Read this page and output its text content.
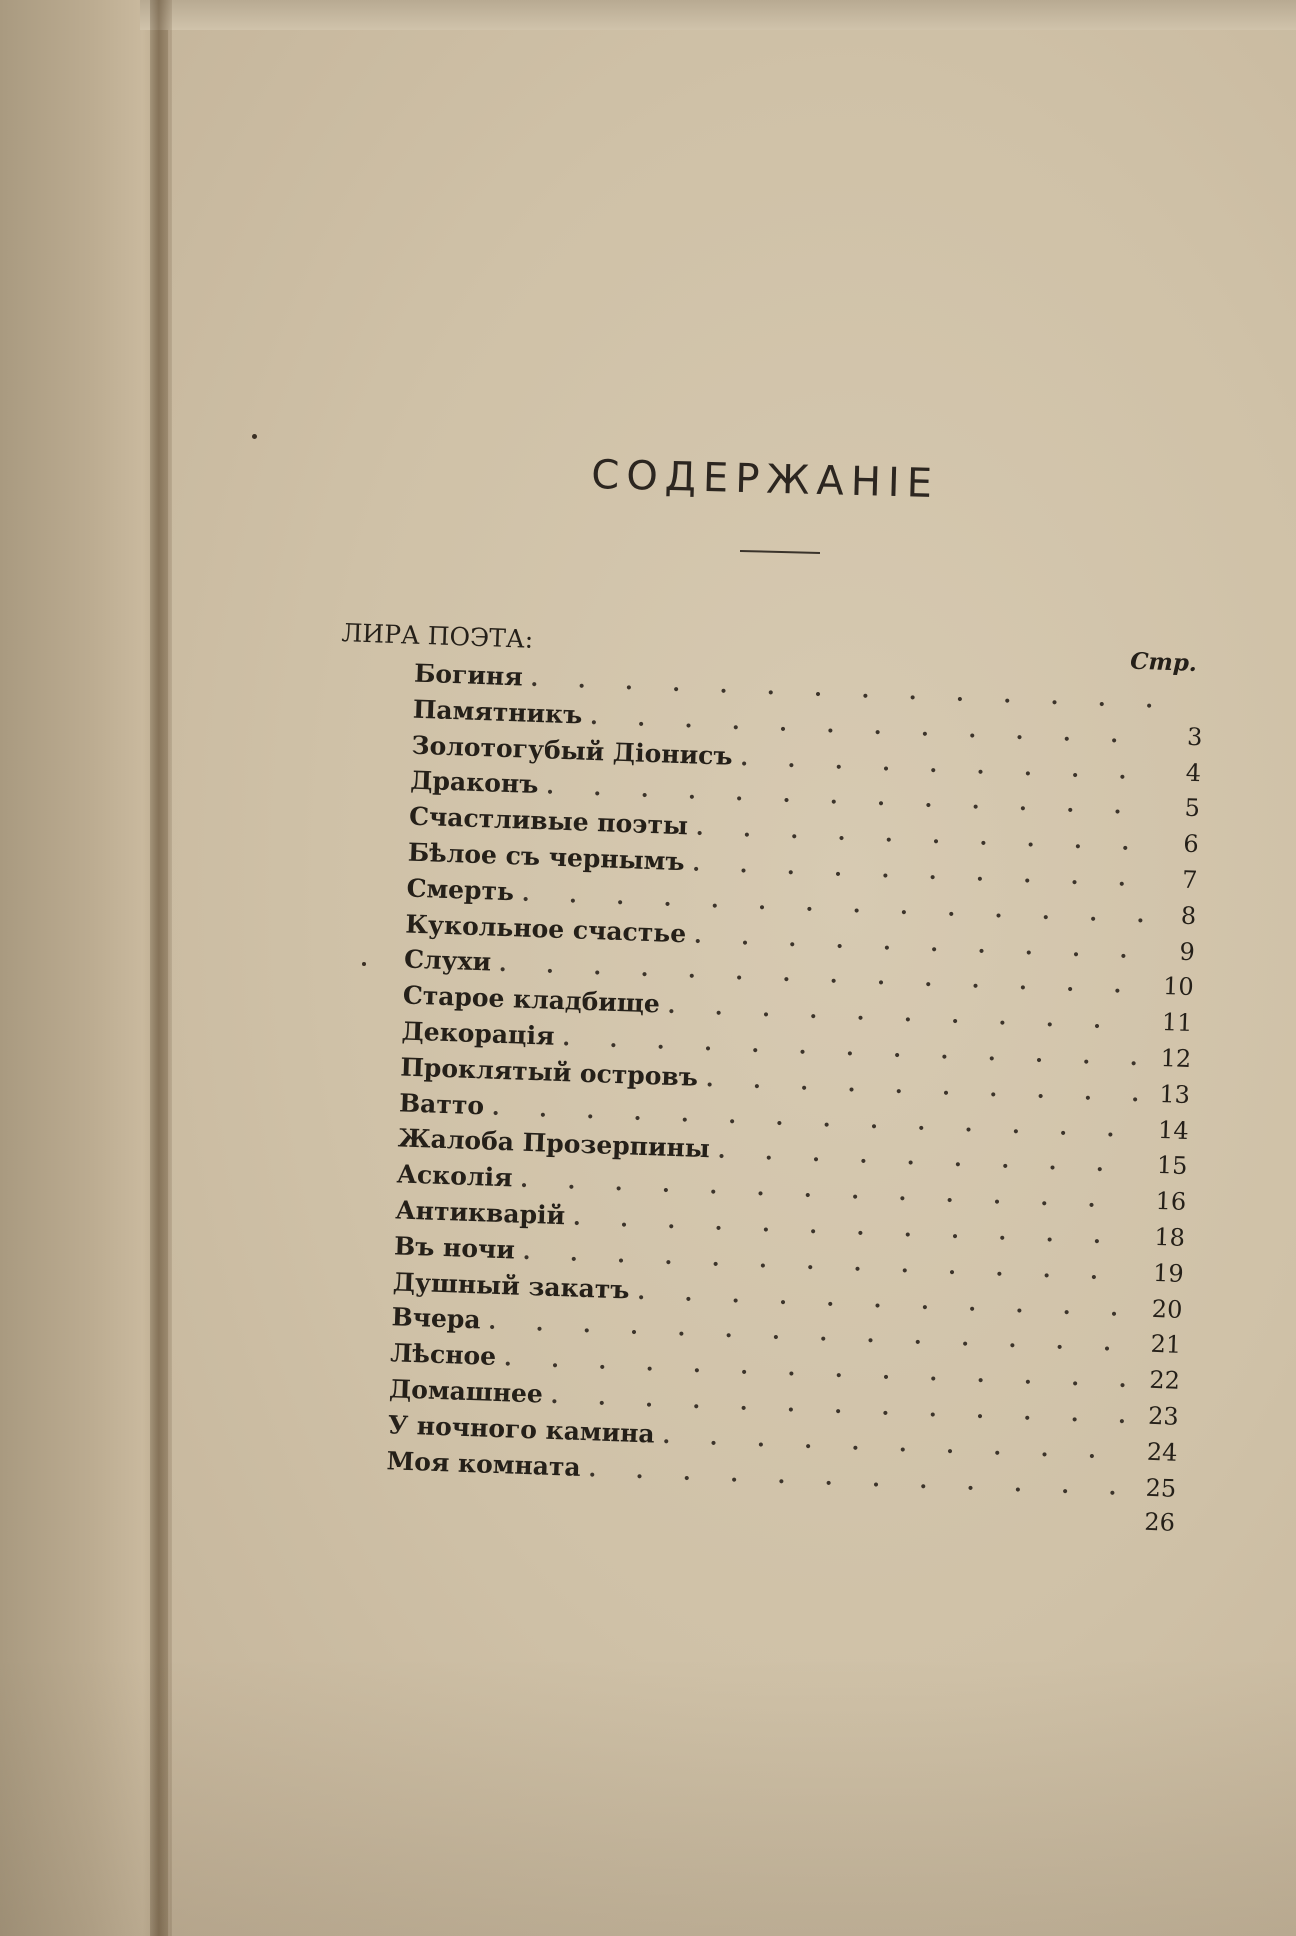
СОДЕРЖАНІЕ
ЛИРА ПОЭТА:
Стр.
Богиня
. . .
Памятникъ
. . .
3
Золотогубый Діонисъ
. . .
4
Драконъ
. . .
5
Счастливые поэты
. . .
6
Бѣлое съ чернымъ
. . .
7
Смерть
. . .
8
Кукольное счастье
. . .
9
Слухи
. . .
10
Старое кладбище
. . .
11
Декорація
. . .
12
Проклятый островъ
. . .
13
Ватто
. . .
14
Жалоба Прозерпины
. . .
15
Асколія
. . .
16
Антикварій
. . .
18
Въ ночи
. . .
19
Душный закатъ
. . .
20
Вчера
. . .
21
Лѣсное
. . .
22
Домашнее
. . .
23
У ночного камина
. . .
24
Моя комната
. . .
25
26
